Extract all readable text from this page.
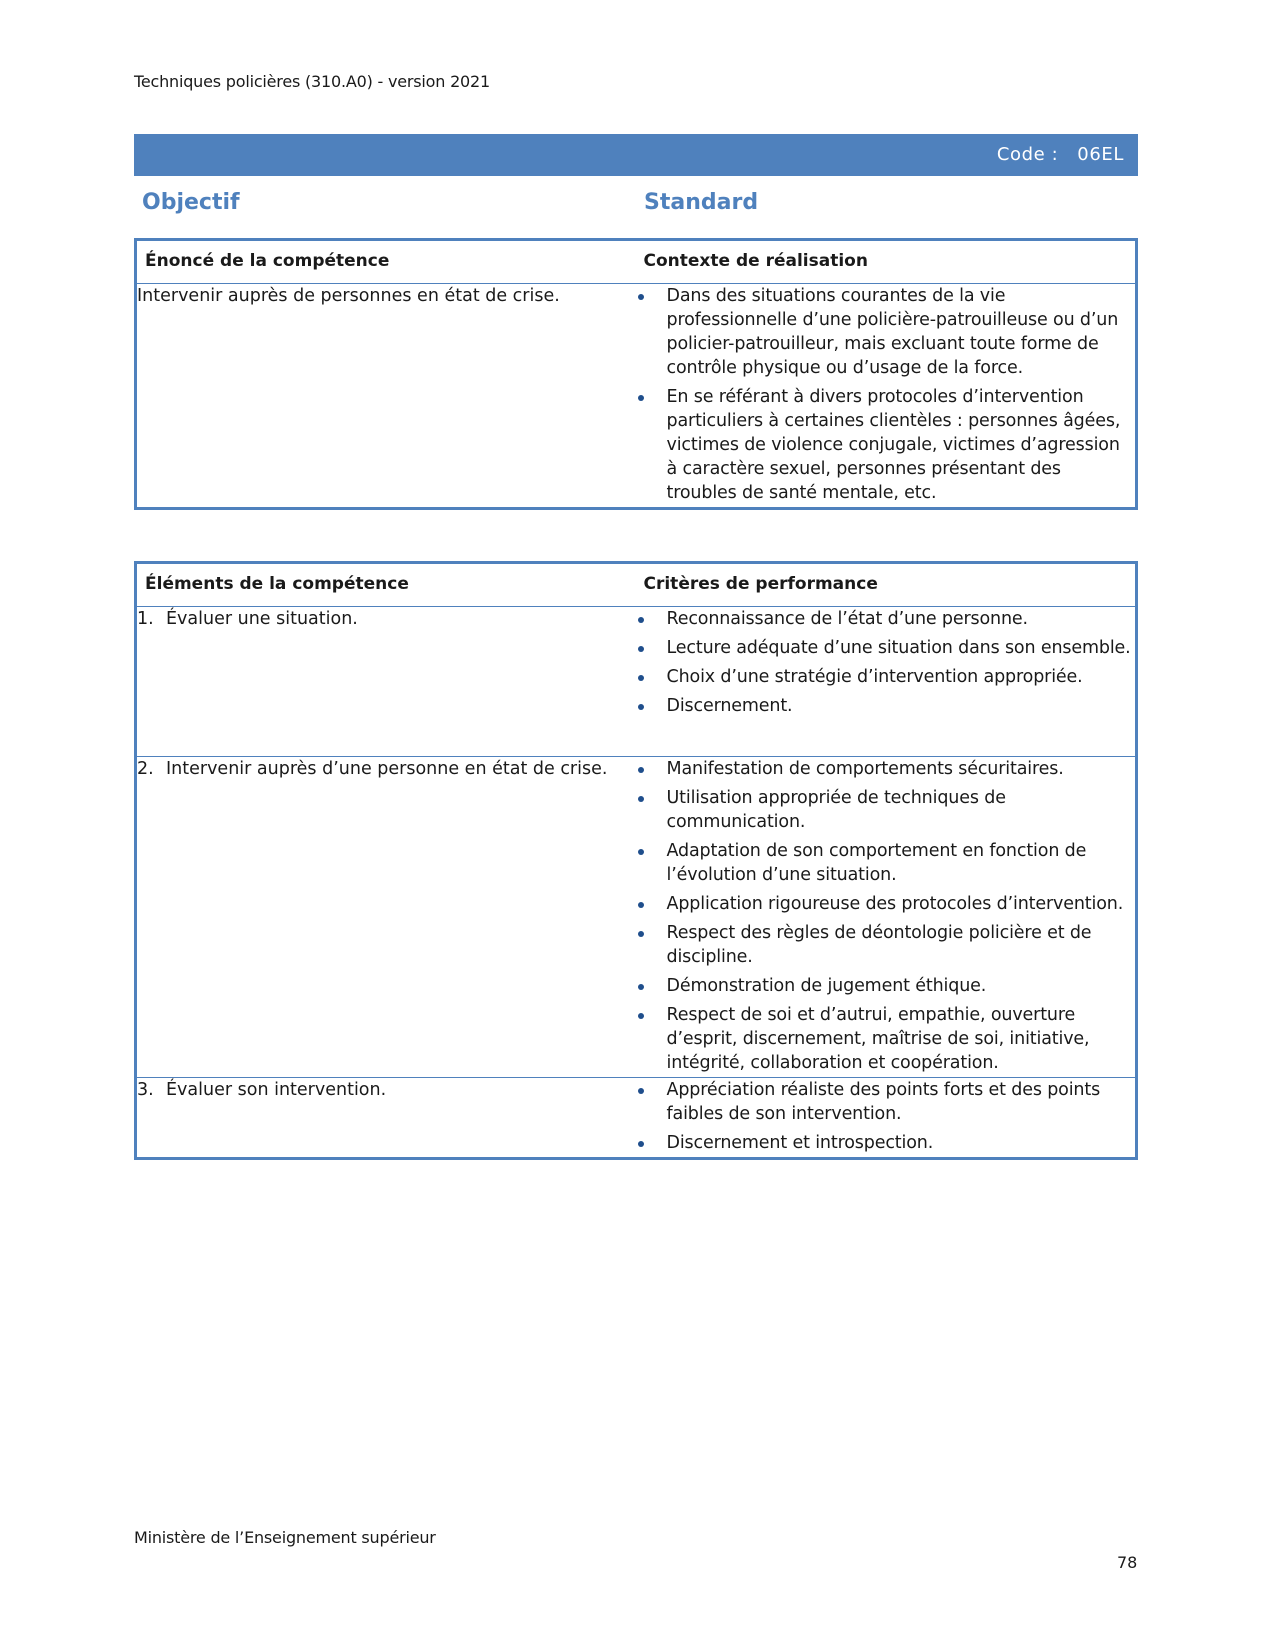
Techniques policières (310.A0) - version 2021
Code :   06EL
Objectif	Standard
Énoncé de la compétence	Contexte de réalisation
Intervenir auprès de personnes en état de crise.	Dans des situations courantes de la vie professionnelle d’une policière-patrouilleuse ou d’un policier-patrouilleur, mais excluant toute forme de contrôle physique ou d’usage de la force.
En se référant à divers protocoles d’intervention particuliers à certaines clientèles : personnes âgées, victimes de violence conjugale, victimes d’agression à caractère sexuel, personnes présentant des troubles de santé mentale, etc.
Éléments de la compétence	Critères de performance

1. Évaluer une situation.	Reconnaissance de l’état d’une personne.
Lecture adéquate d’une situation dans son ensemble.
Choix d’une stratégie d’intervention appropriée.
Discernement.

2. Intervenir auprès d’une personne en état de crise.	Manifestation de comportements sécuritaires.
Utilisation appropriée de techniques de communication.
Adaptation de son comportement en fonction de l’évolution d’une situation.
Application rigoureuse des protocoles d’intervention.
Respect des règles de déontologie policière et de discipline.
Démonstration de jugement éthique.
Respect de soi et d’autrui, empathie, ouverture d’esprit, discernement, maîtrise de soi, initiative, intégrité, collaboration et coopération.

3. Évaluer son intervention.	Appréciation réaliste des points forts et des points faibles de son intervention.
Discernement et introspection.
Ministère de l’Enseignement supérieur
78
